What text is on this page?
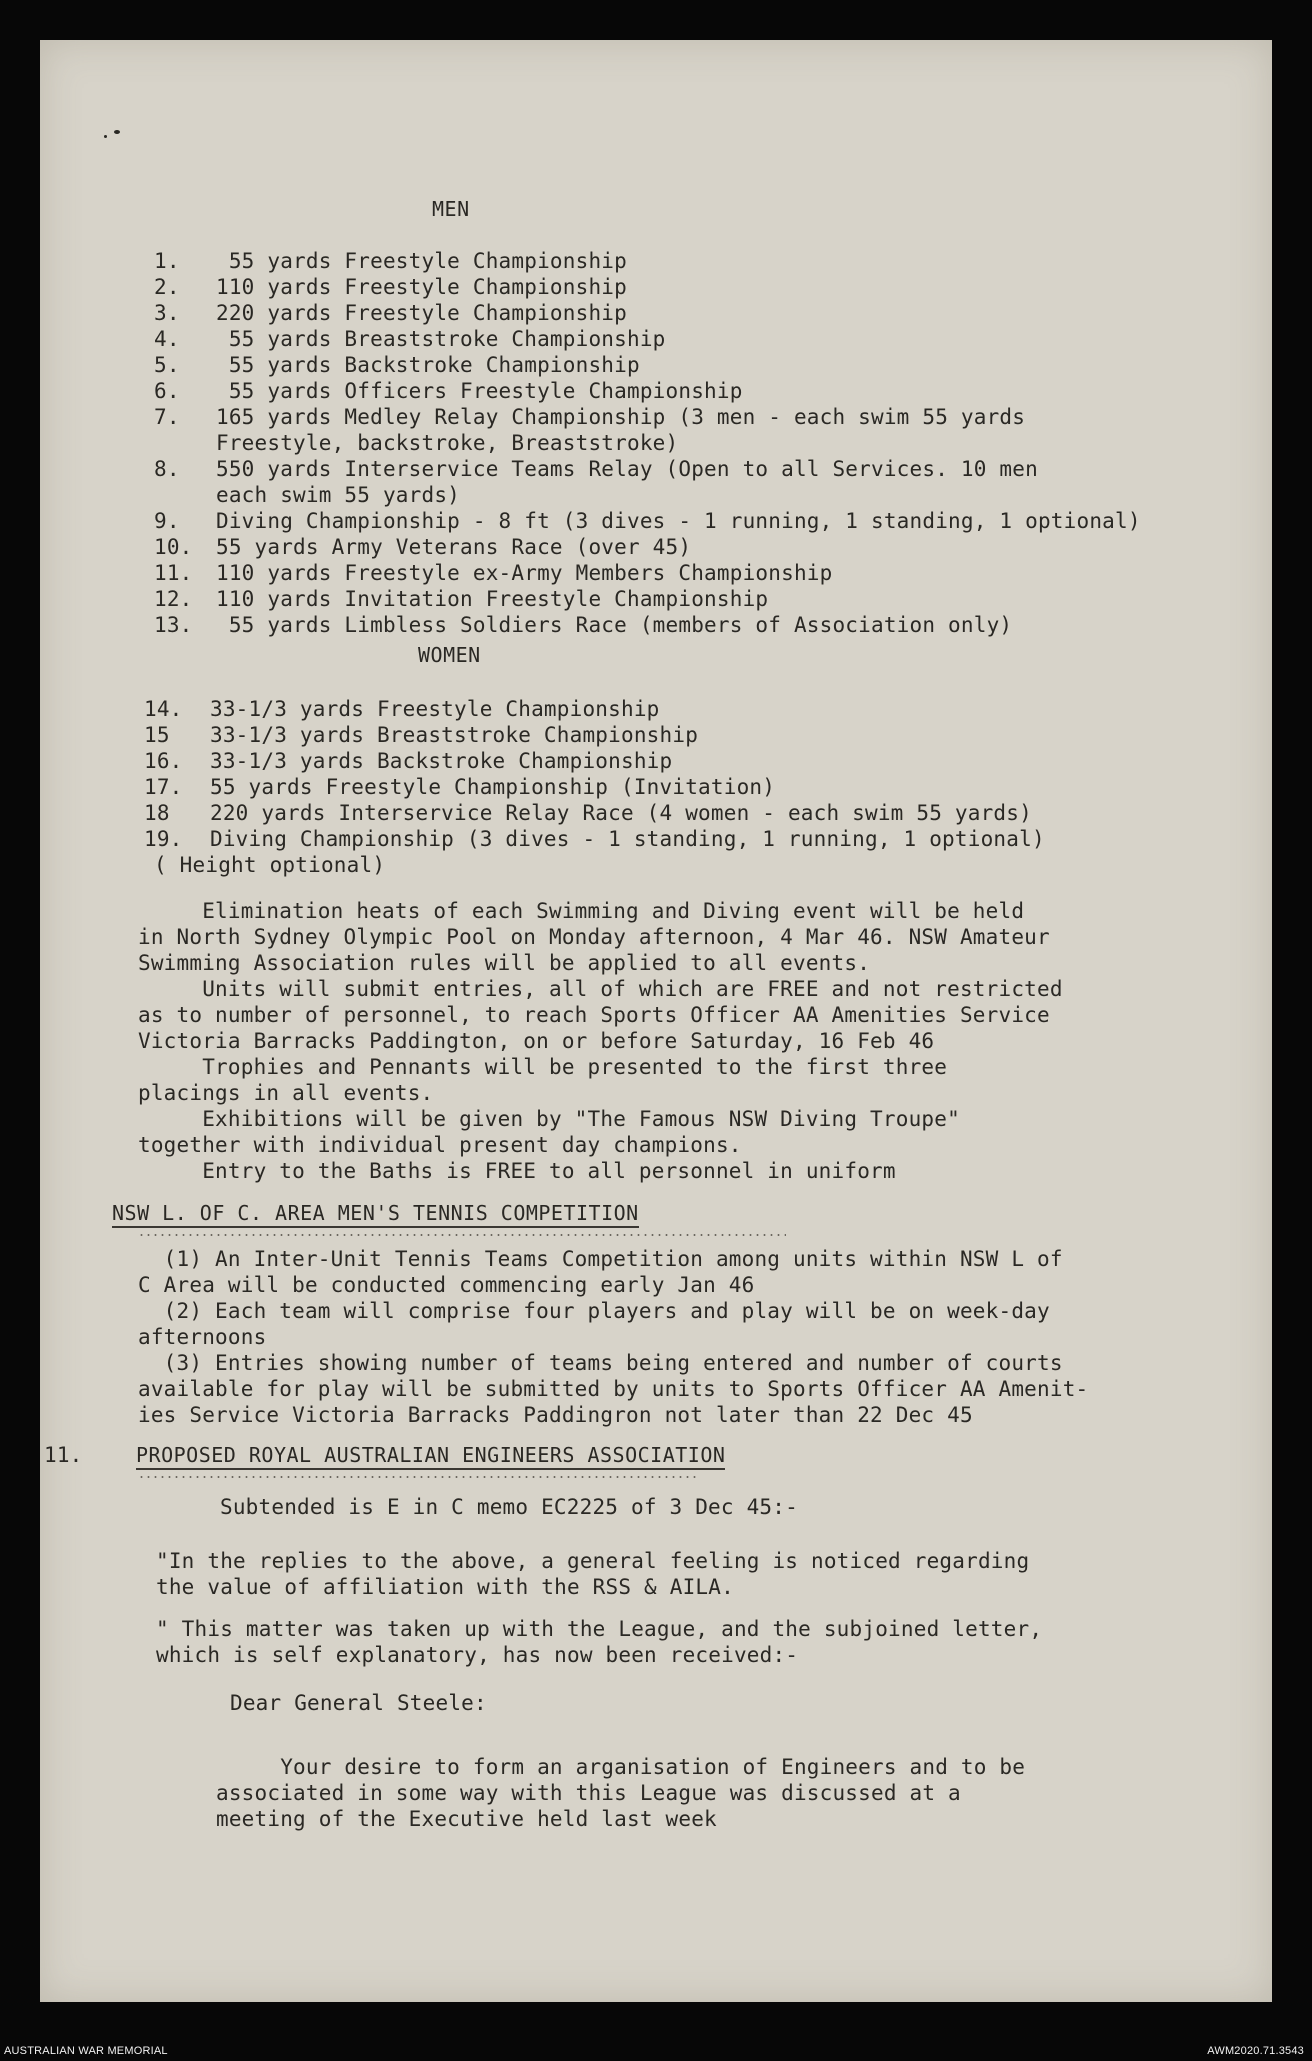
MEN
1. 55 yards Freestyle Championship
2. 110 yards Freestyle Championship
3. 220 yards Freestyle Championship
4. 55 yards Breaststroke Championship
5. 55 yards Backstroke Championship
6. 55 yards Officers Freestyle Championship
7. 165 yards Medley Relay Championship (3 men - each swim 55 yards
Freestyle, backstroke, Breaststroke)
8. 550 yards Interservice Teams Relay (Open to all Services. 10 men
each swim 55 yards)
9. Diving Championship - 8 ft (3 dives - 1 running, 1 standing, 1 optional)
10. 55 yards Army Veterans Race (over 45)
11. 110 yards Freestyle ex-Army Members Championship
12. 110 yards Invitation Freestyle Championship
13. 55 yards Limbless Soldiers Race (members of Association only)
WOMEN
14. 33-1/3 yards Freestyle Championship
15 33-1/3 yards Breaststroke Championship
16. 33-1/3 yards Backstroke Championship
17. 55 yards Freestyle Championship (Invitation)
18 220 yards Interservice Relay Race (4 women - each swim 55 yards)
19. Diving Championship (3 dives - 1 standing, 1 running, 1 optional)
( Height optional)
Elimination heats of each Swimming and Diving event will be held
in North Sydney Olympic Pool on Monday afternoon, 4 Mar 46. NSW Amateur
Swimming Association rules will be applied to all events.
Units will submit entries, all of which are FREE and not restricted
as to number of personnel, to reach Sports Officer AA Amenities Service
Victoria Barracks Paddington, on or before Saturday, 16 Feb 46
Trophies and Pennants will be presented to the first three
placings in all events.
Exhibitions will be given by "The Famous NSW Diving Troupe"
together with individual present day champions.
Entry to the Baths is FREE to all personnel in uniform
NSW L. OF C. AREA MEN'S TENNIS COMPETITION
(1) An Inter-Unit Tennis Teams Competition among units within NSW L of
C Area will be conducted commencing early Jan 46
(2) Each team will comprise four players and play will be on week-day
afternoons
(3) Entries showing number of teams being entered and number of courts
available for play will be submitted by units to Sports Officer AA Amenit-
ies Service Victoria Barracks Paddingron not later than 22 Dec 45
11.	PROPOSED ROYAL AUSTRALIAN ENGINEERS ASSOCIATION
Subtended is E in C memo EC2225 of 3 Dec 45:-
"In the replies to the above, a general feeling is noticed regarding
the value of affiliation with the RSS & AILA.
" This matter was taken up with the League, and the subjoined letter,
which is self explanatory, has now been received:-
Dear General Steele:
Your desire to form an arganisation of Engineers and to be
associated in some way with this League was discussed at a
meeting of the Executive held last week
AUSTRALIAN WAR MEMORIAL	AWM2020.71.3543
